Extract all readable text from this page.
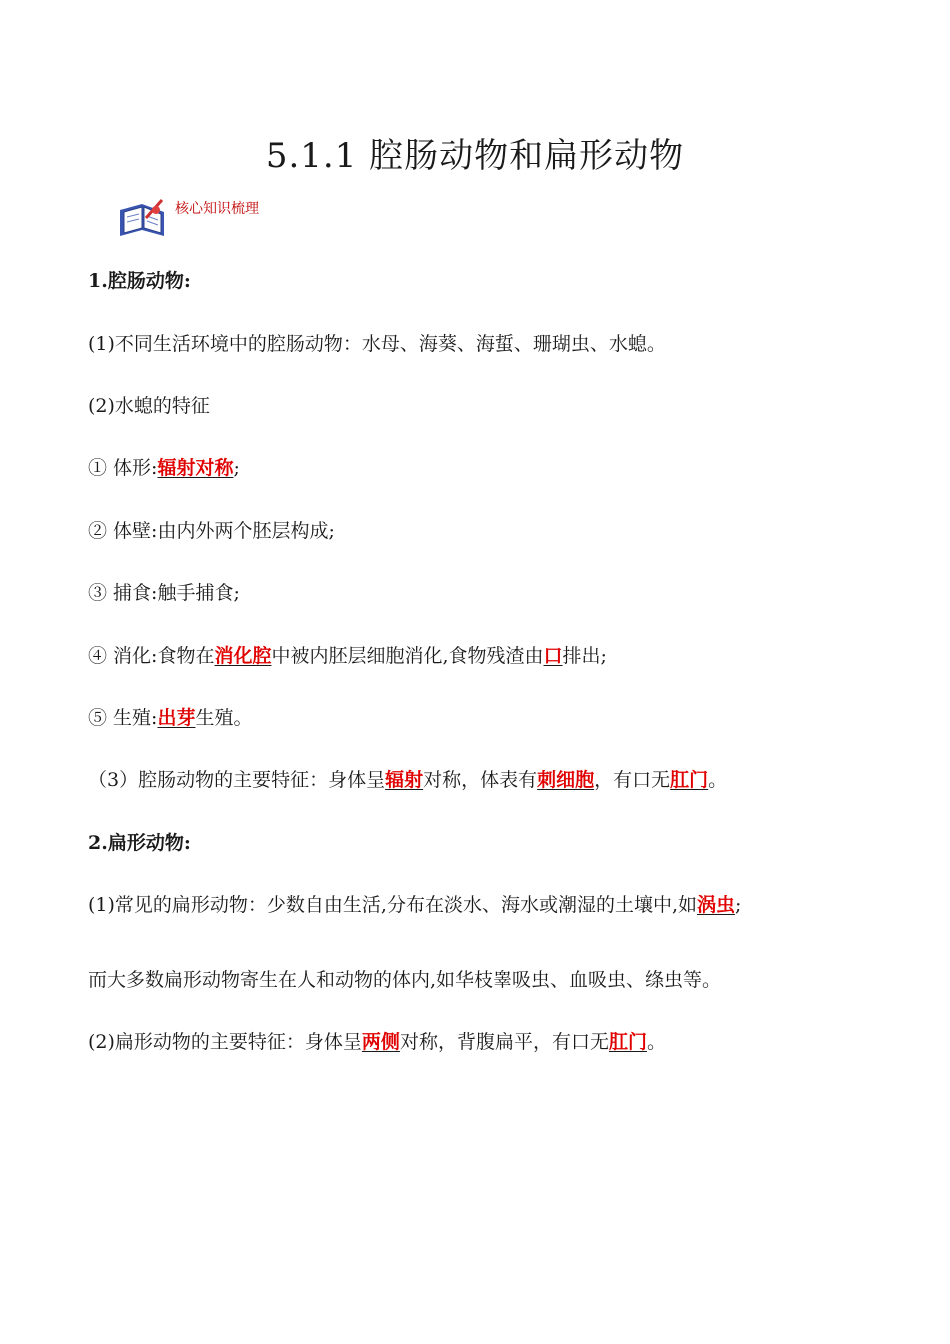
5.1.1 腔肠动物和扁形动物
核心知识梳理
1.腔肠动物:
(1)不同生活环境中的腔肠动物：水母、海葵、海蜇、珊瑚虫、水螅。
(2)水螅的特征
① 体形:辐射对称;
② 体壁:由内外两个胚层构成;
③ 捕食:触手捕食;
④ 消化:食物在消化腔中被内胚层细胞消化,食物残渣由口排出;
⑤ 生殖:出芽生殖。
（3）腔肠动物的主要特征：身体呈辐射对称，体表有刺细胞，有口无肛门。
2.扁形动物:
(1)常见的扁形动物：少数自由生活,分布在淡水、海水或潮湿的土壤中,如涡虫;
而大多数扁形动物寄生在人和动物的体内,如华枝睾吸虫、血吸虫、绦虫等。
(2)扁形动物的主要特征：身体呈两侧对称，背腹扁平，有口无肛门。
